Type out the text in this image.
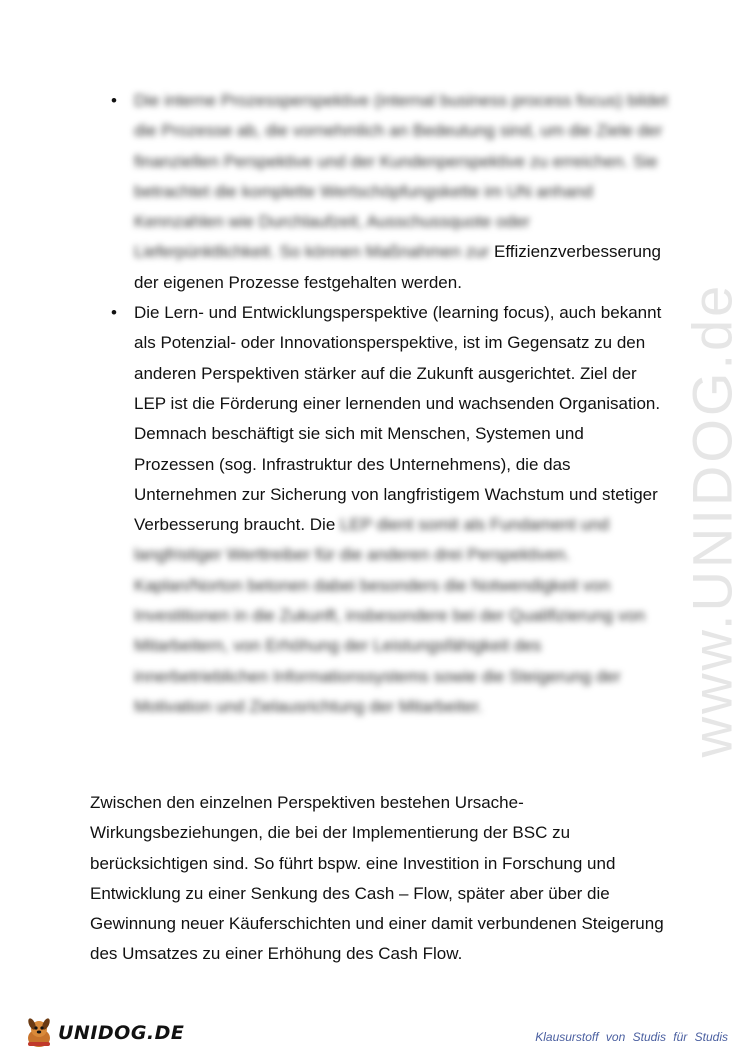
www.UNIDOG.de
• Die interne Prozessperspektive (internal business process focus) bildet die Prozesse ab, die vornehmlich an Bedeutung sind, um die Ziele der finanziellen Perspektive und der Kundenperspektive zu erreichen. Sie betrachtet die komplette Wertschöpfungskette im UN anhand Kennzahlen wie Durchlaufzeit, Ausschussquote oder Lieferpünktlichkeit. So können Maßnahmen zur Effizienzverbesserung der eigenen Prozesse festgehalten werden.
• Die Lern- und Entwicklungsperspektive (learning focus), auch bekannt als Potenzial- oder Innovationsperspektive, ist im Gegensatz zu den anderen Perspektiven stärker auf die Zukunft ausgerichtet. Ziel der LEP ist die Förderung einer lernenden und wachsenden Organisation. Demnach beschäftigt sie sich mit Menschen, Systemen und Prozessen (sog. Infrastruktur des Unternehmens), die das Unternehmen zur Sicherung von langfristigem Wachstum und stetiger Verbesserung braucht. Die LEP dient somit als Fundament und langfristiger Werttreiber für die anderen drei Perspektiven. Kaplan/Norton betonen dabei besonders die Notwendigkeit von Investitionen in die Zukunft, insbesondere bei der Qualifizierung von Mitarbeitern, von Erhöhung der Leistungsfähigkeit des innerbetrieblichen Informationssystems sowie die Steigerung der Motivation und Zielausrichtung der Mitarbeiter.
Zwischen den einzelnen Perspektiven bestehen Ursache-Wirkungsbeziehungen, die bei der Implementierung der BSC zu berücksichtigen sind. So führt bspw. eine Investition in Forschung und Entwicklung zu einer Senkung des Cash – Flow, später aber über die Gewinnung neuer Käuferschichten und einer damit verbundenen Steigerung des Umsatzes zu einer Erhöhung des Cash Flow.
UNIDOG.DE	Klausurstoff von Studis für Studis
